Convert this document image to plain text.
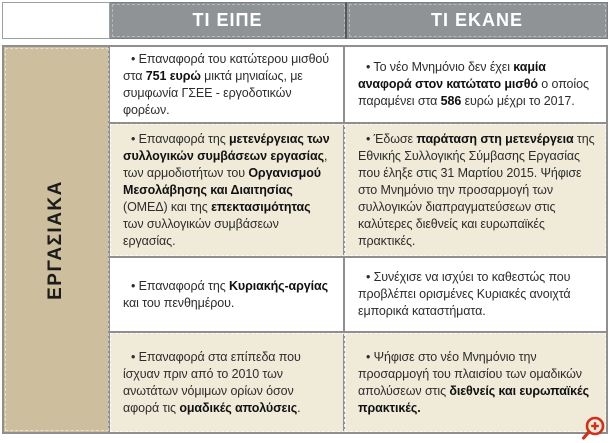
ΤΙ ΕΙΠΕ	ΤΙ ΕΚΑΝΕ
ΕΡΓΑΣΙΑΚΑ

• Επαναφορά του κατώτερου μισθού στα 751 ευρώ μικτά μηνιαίως, με συμφωνία ΓΣΕΕ - εργοδοτικών φορέων.

• Το νέο Μνημόνιο δεν έχει καμία αναφορά στον κατώτατο μισθό ο οποίος παραμένει στα 586 ευρώ μέχρι το 2017.

• Επαναφορά της μετενέργειας των συλλογικών συμβάσεων εργασίας, των αρμοδιοτήτων του Οργανισμού Μεσολάβησης και Διαιτησίας (ΟΜΕΔ) και της επεκτασιμότητας των συλλογικών συμβάσεων εργασίας.

• Έδωσε παράταση στη μετενέργεια της Εθνικής Συλλογικής Σύμβασης Εργασίας που έληξε στις 31 Μαρτίου 2015. Ψήφισε στο Μνημόνιο την προσαρμογή των συλλογικών διαπραγματεύσεων στις καλύτερες διεθνείς και ευρωπαϊκές πρακτικές.

• Επαναφορά της Κυριακής-αργίας και του πενθημέρου.

• Συνέχισε να ισχύει το καθεστώς που προβλέπει ορισμένες Κυριακές ανοιχτά εμπορικά καταστήματα.

• Επαναφορά στα επίπεδα που ίσχυαν πριν από το 2010 των ανωτάτων νόμιμων ορίων όσον αφορά τις ομαδικές απολύσεις.

• Ψήφισε στο νέο Μνημόνιο την προσαρμογή του πλαισίου των ομαδικών απολύσεων στις διεθνείς και ευρωπαϊκές πρακτικές.
